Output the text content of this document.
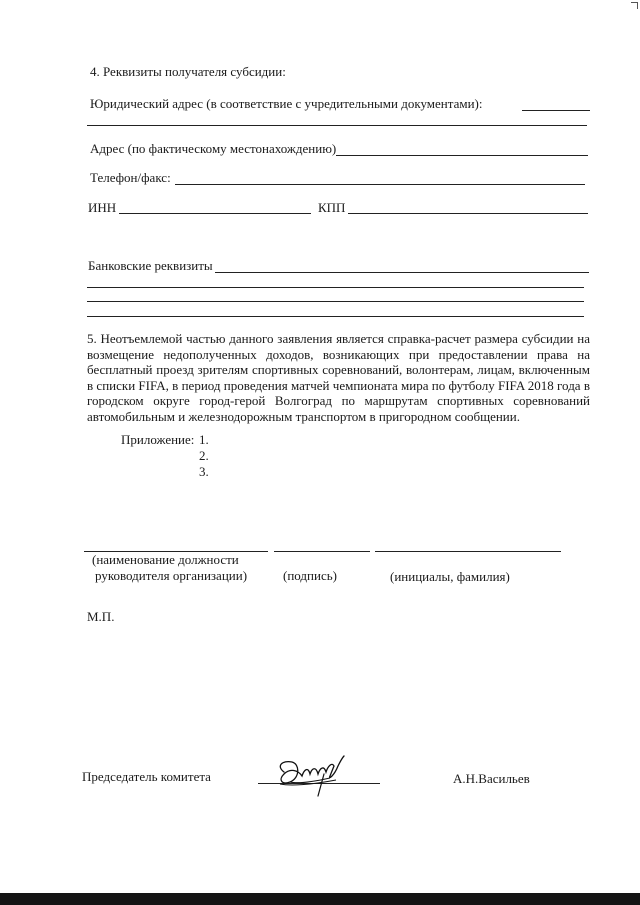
4. Реквизиты получателя субсидии:
Юридический адрес (в соответствие с учредительными документами):
Адрес (по фактическому местонахождению)
Телефон/факс:
ИНН	КПП
Банковские реквизиты
5. Неотъемлемой частью данного заявления является справка-расчет размера субсидии на возмещение недополученных доходов, возникающих при предоставлении права на бесплатный проезд зрителям спортивных соревнований, волонтерам, лицам, включенным в списки FIFA, в период проведения матчей чемпионата мира по футболу FIFA 2018 года в городском округе город-герой Волгоград по маршрутам спортивных соревнований автомобильным и железнодорожным транспортом в пригородном сообщении.
Приложение: 1.
2.
3.
(наименование должности
руководителя организации)	(подпись)	(инициалы, фамилия)
М.П.
Председатель комитета	А.Н.Васильев
